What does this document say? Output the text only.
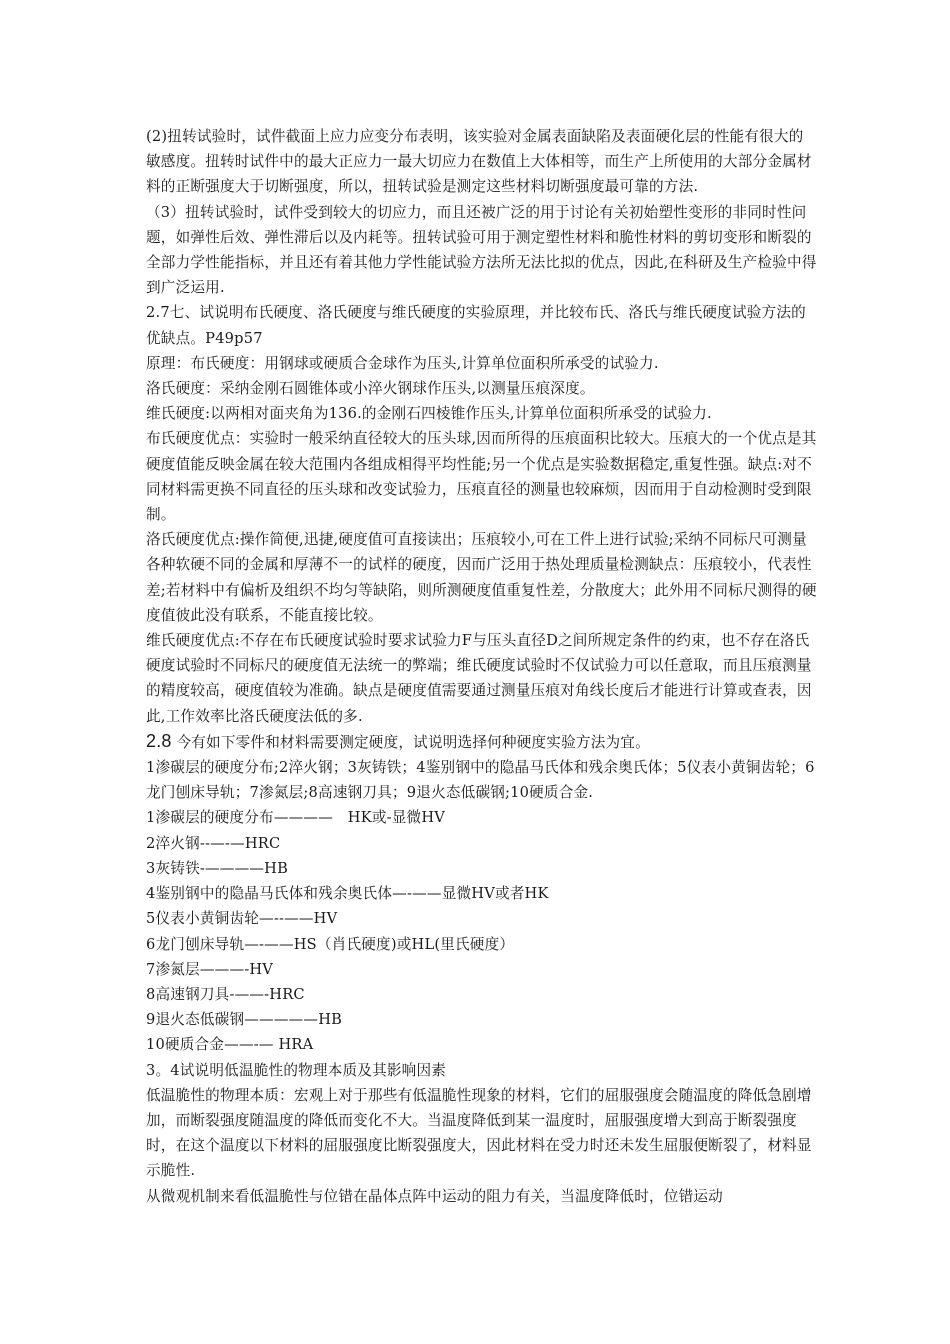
(2)扭转试验时，试件截面上应力应变分布表明，该实验对金属表面缺陷及表面硬化层的性能有很大的敏感度。扭转时试件中的最大正应力一最大切应力在数值上大体相等，而生产上所使用的大部分金属材料的正断强度大于切断强度，所以，扭转试验是测定这些材料切断强度最可靠的方法.

（3）扭转试验时，试件受到较大的切应力，而且还被广泛的用于讨论有关初始塑性变形的非同时性问题，如弹性后效、弹性滞后以及内耗等。扭转试验可用于测定塑性材料和脆性材料的剪切变形和断裂的全部力学性能指标，并且还有着其他力学性能试验方法所无法比拟的优点，因此,在科研及生产检验中得到广泛运用.

2.7七、试说明布氏硬度、洛氏硬度与维氏硬度的实验原理，并比较布氏、洛氏与维氏硬度试验方法的优缺点。P49p57

原理：布氏硬度：用钢球或硬质合金球作为压头,计算单位面积所承受的试验力.

洛氏硬度：采纳金刚石圆锥体或小淬火钢球作压头,以测量压痕深度。

维氏硬度:以两相对面夹角为136.的金刚石四棱锥作压头,计算单位面积所承受的试验力.

布氏硬度优点：实验时一般采纳直径较大的压头球,因而所得的压痕面积比较大。压痕大的一个优点是其硬度值能反映金属在较大范围内各组成相得平均性能;另一个优点是实验数据稳定,重复性强。缺点:对不同材料需更换不同直径的压头球和改变试验力，压痕直径的测量也较麻烦，因而用于自动检测时受到限制。

洛氏硬度优点:操作简便,迅捷,硬度值可直接读出；压痕较小,可在工件上进行试验;采纳不同标尺可测量各种软硬不同的金属和厚薄不一的试样的硬度，因而广泛用于热处理质量检测缺点：压痕较小，代表性差;若材料中有偏析及组织不均匀等缺陷，则所测硬度值重复性差，分散度大；此外用不同标尺测得的硬度值彼此没有联系，不能直接比较。

维氏硬度优点:不存在布氏硬度试验时要求试验力F与压头直径D之间所规定条件的约束，也不存在洛氏硬度试验时不同标尺的硬度值无法统一的弊端；维氏硬度试验时不仅试验力可以任意取，而且压痕测量的精度较高，硬度值较为准确。缺点是硬度值需要通过测量压痕对角线长度后才能进行计算或查表，因此,工作效率比洛氏硬度法低的多.

2.8 今有如下零件和材料需要测定硬度，试说明选择何种硬度实验方法为宜。

1渗碳层的硬度分布;2淬火钢；3灰铸铁；4鉴别钢中的隐晶马氏体和残余奥氏体；5仪表小黄铜齿轮；6龙门刨床导轨；7渗氮层;8高速钢刀具；9退火态低碳钢;10硬质合金.

1渗碳层的硬度分布————　HK或-显微HV

2淬火钢--—-—HRC

3灰铸铁-————HB

4鉴别钢中的隐晶马氏体和残余奥氏体—-——显微HV或者HK

5仪表小黄铜齿轮—--——HV

6龙门刨床导轨—-——HS（肖氏硬度)或HL(里氏硬度）

7渗氮层———-HV

8高速钢刀具-——-HRC

9退火态低碳钢—————HB

10硬质合金——-— HRA

3。4试说明低温脆性的物理本质及其影响因素

低温脆性的物理本质：宏观上对于那些有低温脆性现象的材料，它们的屈服强度会随温度的降低急剧增加，而断裂强度随温度的降低而变化不大。当温度降低到某一温度时，屈服强度增大到高于断裂强度时，在这个温度以下材料的屈服强度比断裂强度大，因此材料在受力时还未发生屈服便断裂了，材料显示脆性.

从微观机制来看低温脆性与位错在晶体点阵中运动的阻力有关，当温度降低时，位错运动
